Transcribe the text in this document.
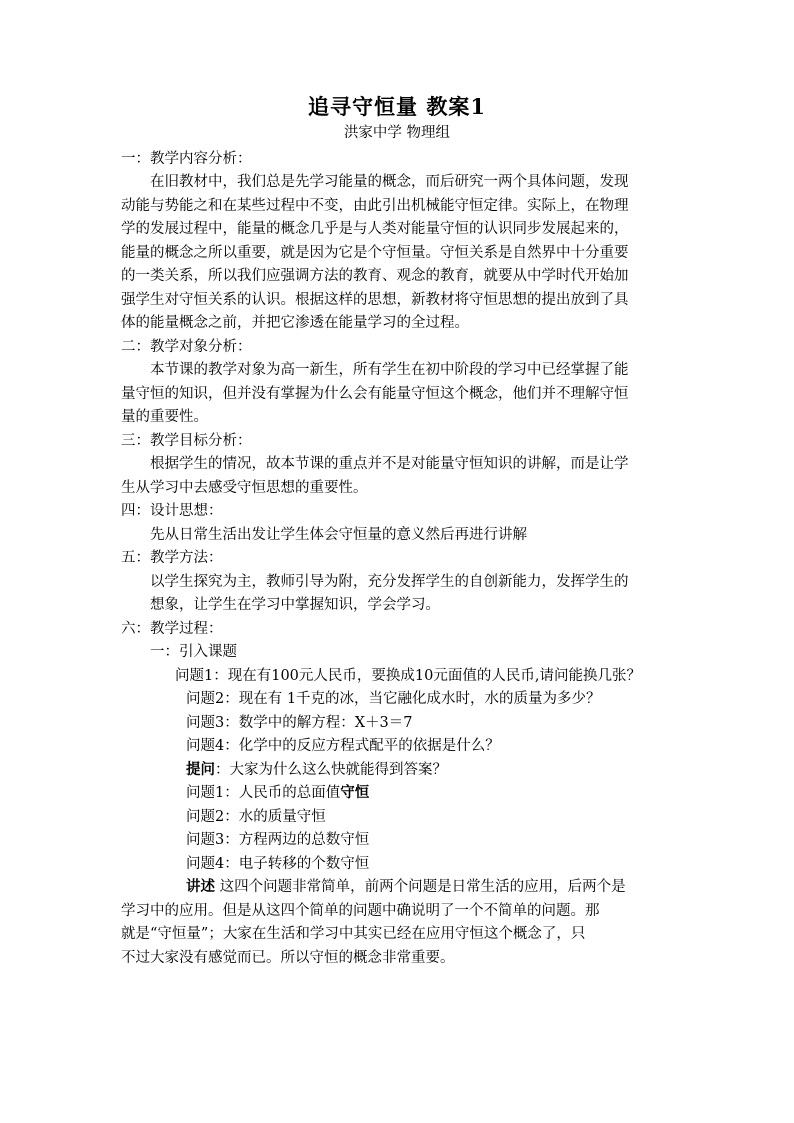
追寻守恒量 教案1
洪家中学 物理组
一：教学内容分析：
在旧教材中，我们总是先学习能量的概念，而后研究一两个具体问题，发现
动能与势能之和在某些过程中不变，由此引出机械能守恒定律。实际上，在物理
学的发展过程中，能量的概念几乎是与人类对能量守恒的认识同步发展起来的，
能量的概念之所以重要，就是因为它是个守恒量。守恒关系是自然界中十分重要
的一类关系，所以我们应强调方法的教育、观念的教育，就要从中学时代开始加
强学生对守恒关系的认识。根据这样的思想，新教材将守恒思想的提出放到了具
体的能量概念之前，并把它渗透在能量学习的全过程。
二：教学对象分析：
本节课的教学对象为高一新生，所有学生在初中阶段的学习中已经掌握了能
量守恒的知识，但并没有掌握为什么会有能量守恒这个概念，他们并不理解守恒
量的重要性。
三：教学目标分析：
根据学生的情况，故本节课的重点并不是对能量守恒知识的讲解，而是让学
生从学习中去感受守恒思想的重要性。
四：设计思想：
先从日常生活出发让学生体会守恒量的意义然后再进行讲解
五：教学方法：
以学生探究为主，教师引导为附，充分发挥学生的自创新能力，发挥学生的
想象，让学生在学习中掌握知识，学会学习。
六：教学过程：
一：引入课题
问题1：现在有100元人民币，要换成10元面值的人民币,请问能换几张？
问题2：现在有 1千克的冰，当它融化成水时，水的质量为多少？
问题3：数学中的解方程：X＋3＝7
问题4：化学中的反应方程式配平的依据是什么？
提问：大家为什么这么快就能得到答案？
问题1：人民币的总面值守恒
问题2：水的质量守恒
问题3：方程两边的总数守恒
问题4：电子转移的个数守恒
讲述 这四个问题非常简单，前两个问题是日常生活的应用，后两个是
学习中的应用。但是从这四个简单的问题中确说明了一个不简单的问题。那
就是“守恒量”；大家在生活和学习中其实已经在应用守恒这个概念了，只
不过大家没有感觉而已。所以守恒的概念非常重要。
